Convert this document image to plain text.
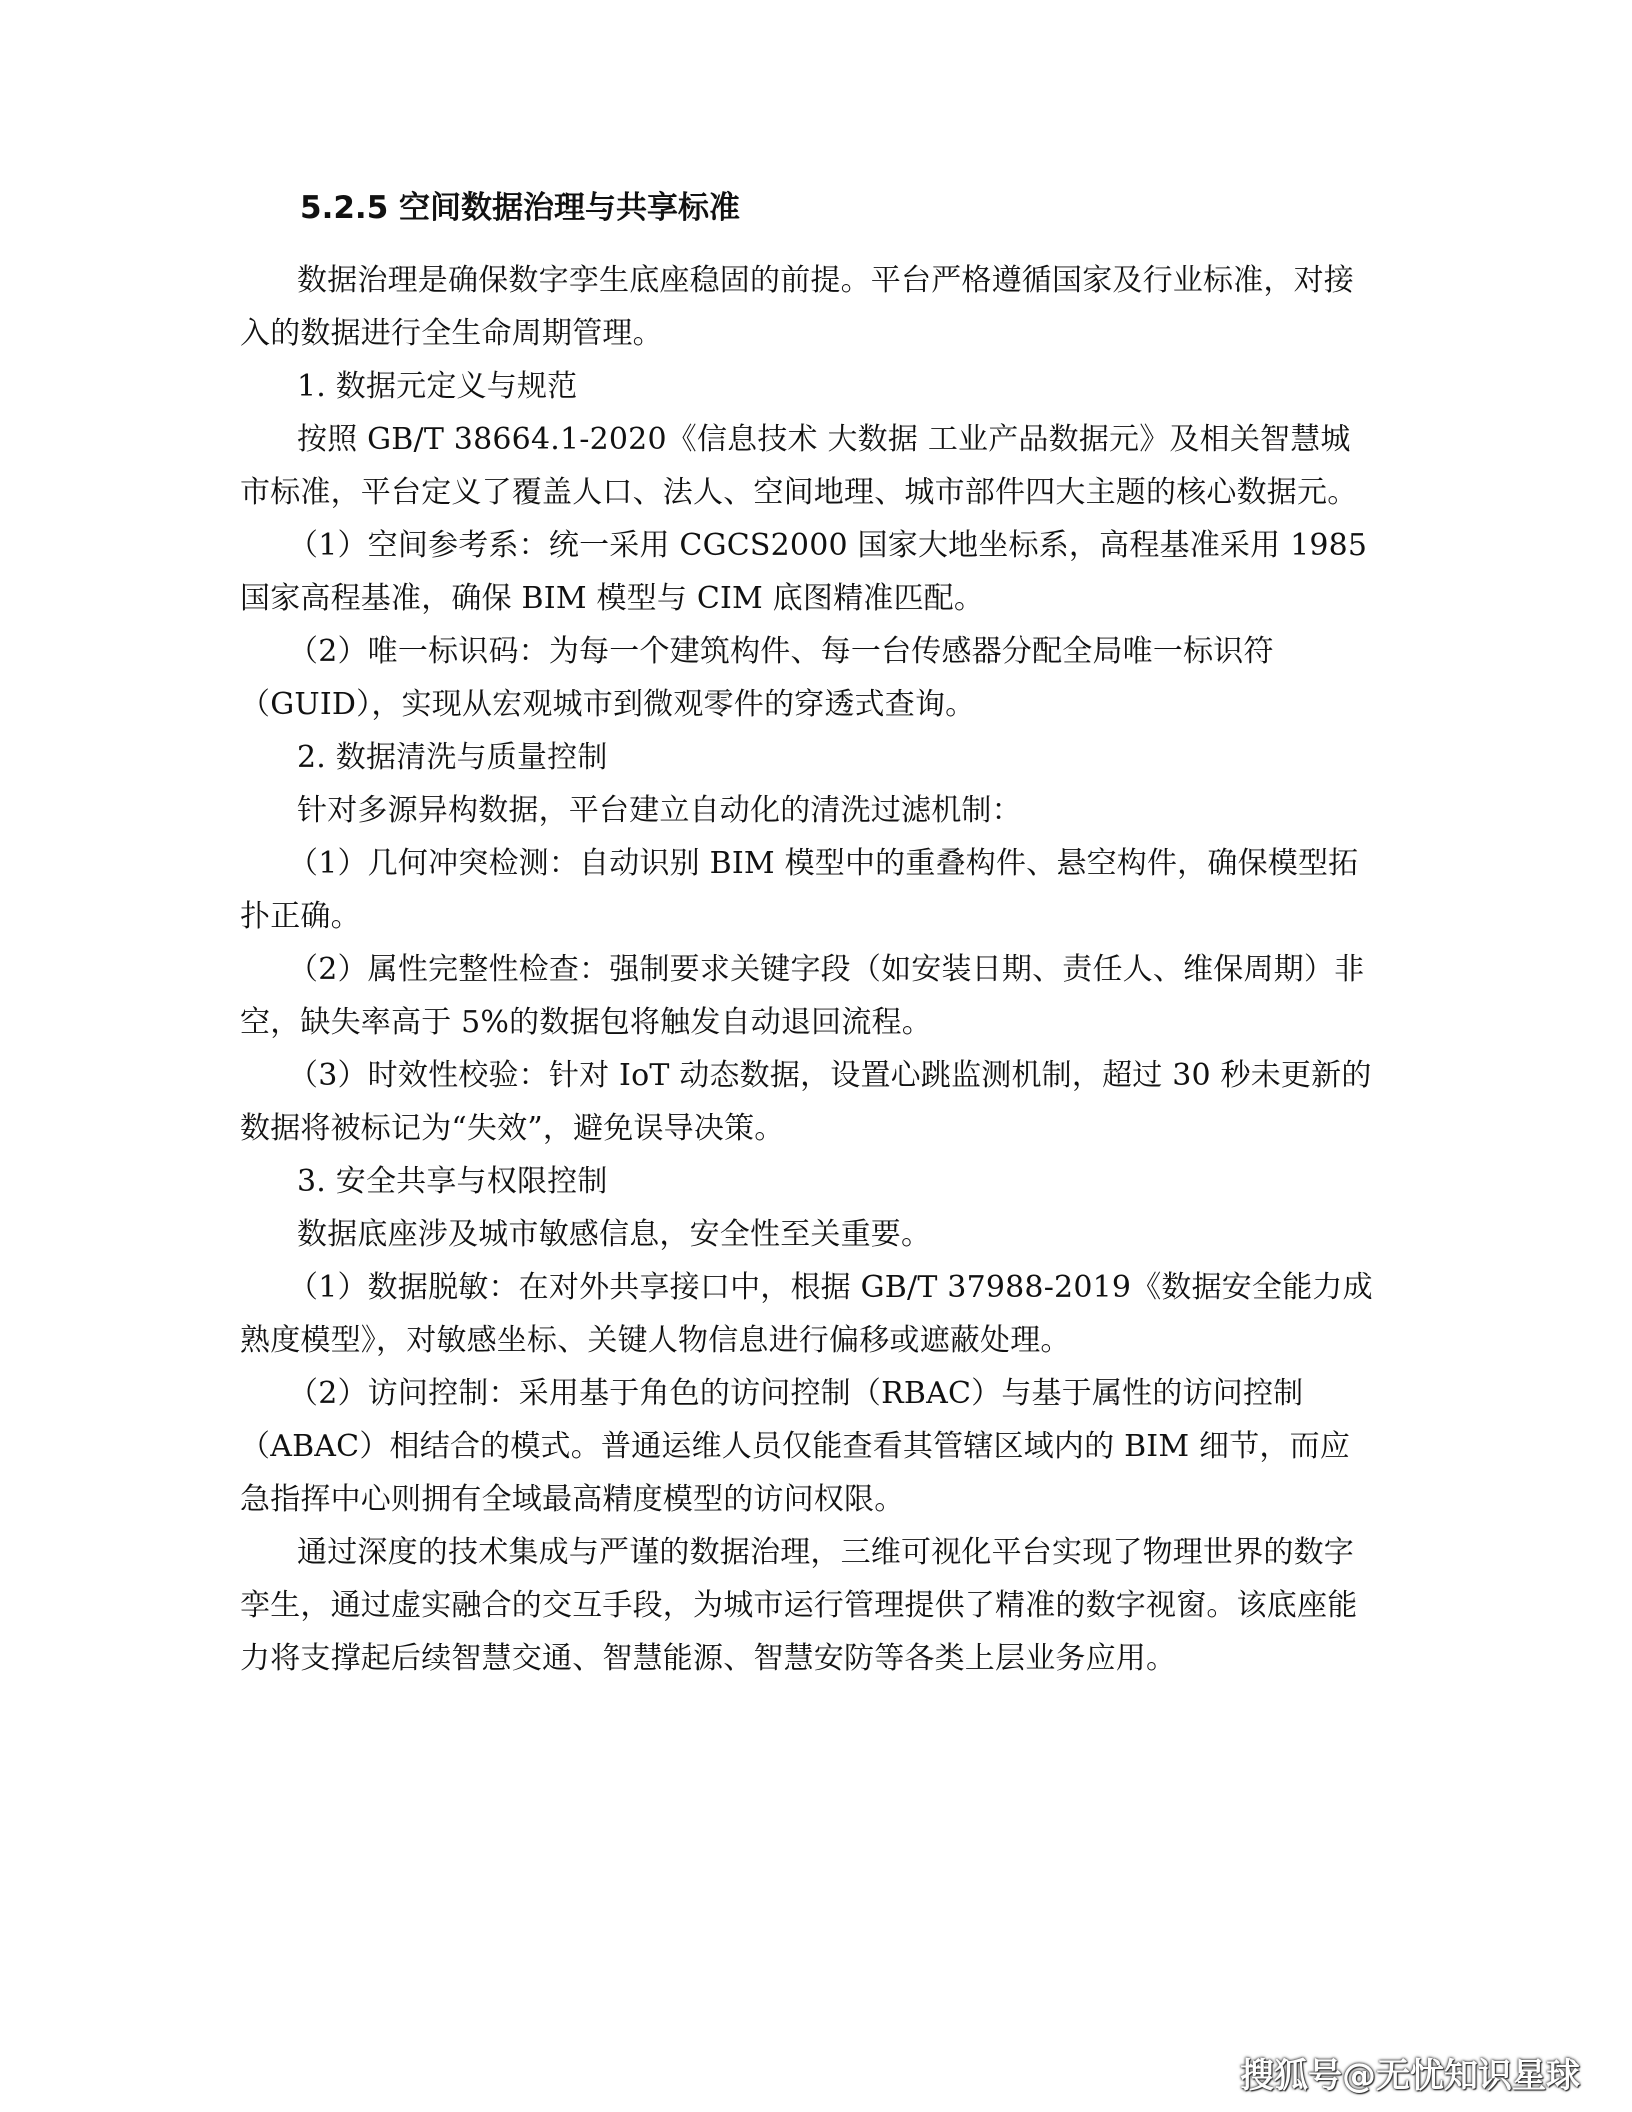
5.2.5 空间数据治理与共享标准

数据治理是确保数字孪生底座稳固的前提。平台严格遵循国家及行业标准，对接入的数据进行全生命周期管理。

1. 数据元定义与规范

按照 GB/T 38664.1-2020《信息技术 大数据 工业产品数据元》及相关智慧城市标准，平台定义了覆盖人口、法人、空间地理、城市部件四大主题的核心数据元。

（1）空间参考系：统一采用 CGCS2000 国家大地坐标系，高程基准采用 1985 国家高程基准，确保 BIM 模型与 CIM 底图精准匹配。

（2）唯一标识码：为每一个建筑构件、每一台传感器分配全局唯一标识符（GUID），实现从宏观城市到微观零件的穿透式查询。

2. 数据清洗与质量控制

针对多源异构数据，平台建立自动化的清洗过滤机制：

（1）几何冲突检测：自动识别 BIM 模型中的重叠构件、悬空构件，确保模型拓扑正确。

（2）属性完整性检查：强制要求关键字段（如安装日期、责任人、维保周期）非空，缺失率高于 5%的数据包将触发自动退回流程。

（3）时效性校验：针对 IoT 动态数据，设置心跳监测机制，超过 30 秒未更新的数据将被标记为“失效”，避免误导决策。

3. 安全共享与权限控制

数据底座涉及城市敏感信息，安全性至关重要。

（1）数据脱敏：在对外共享接口中，根据 GB/T 37988-2019《数据安全能力成熟度模型》，对敏感坐标、关键人物信息进行偏移或遮蔽处理。

（2）访问控制：采用基于角色的访问控制（RBAC）与基于属性的访问控制（ABAC）相结合的模式。普通运维人员仅能查看其管辖区域内的 BIM 细节，而应急指挥中心则拥有全域最高精度模型的访问权限。

通过深度的技术集成与严谨的数据治理，三维可视化平台实现了物理世界的数字孪生，通过虚实融合的交互手段，为城市运行管理提供了精准的数字视窗。该底座能力将支撑起后续智慧交通、智慧能源、智慧安防等各类上层业务应用。

搜狐号@无忧知识星球
